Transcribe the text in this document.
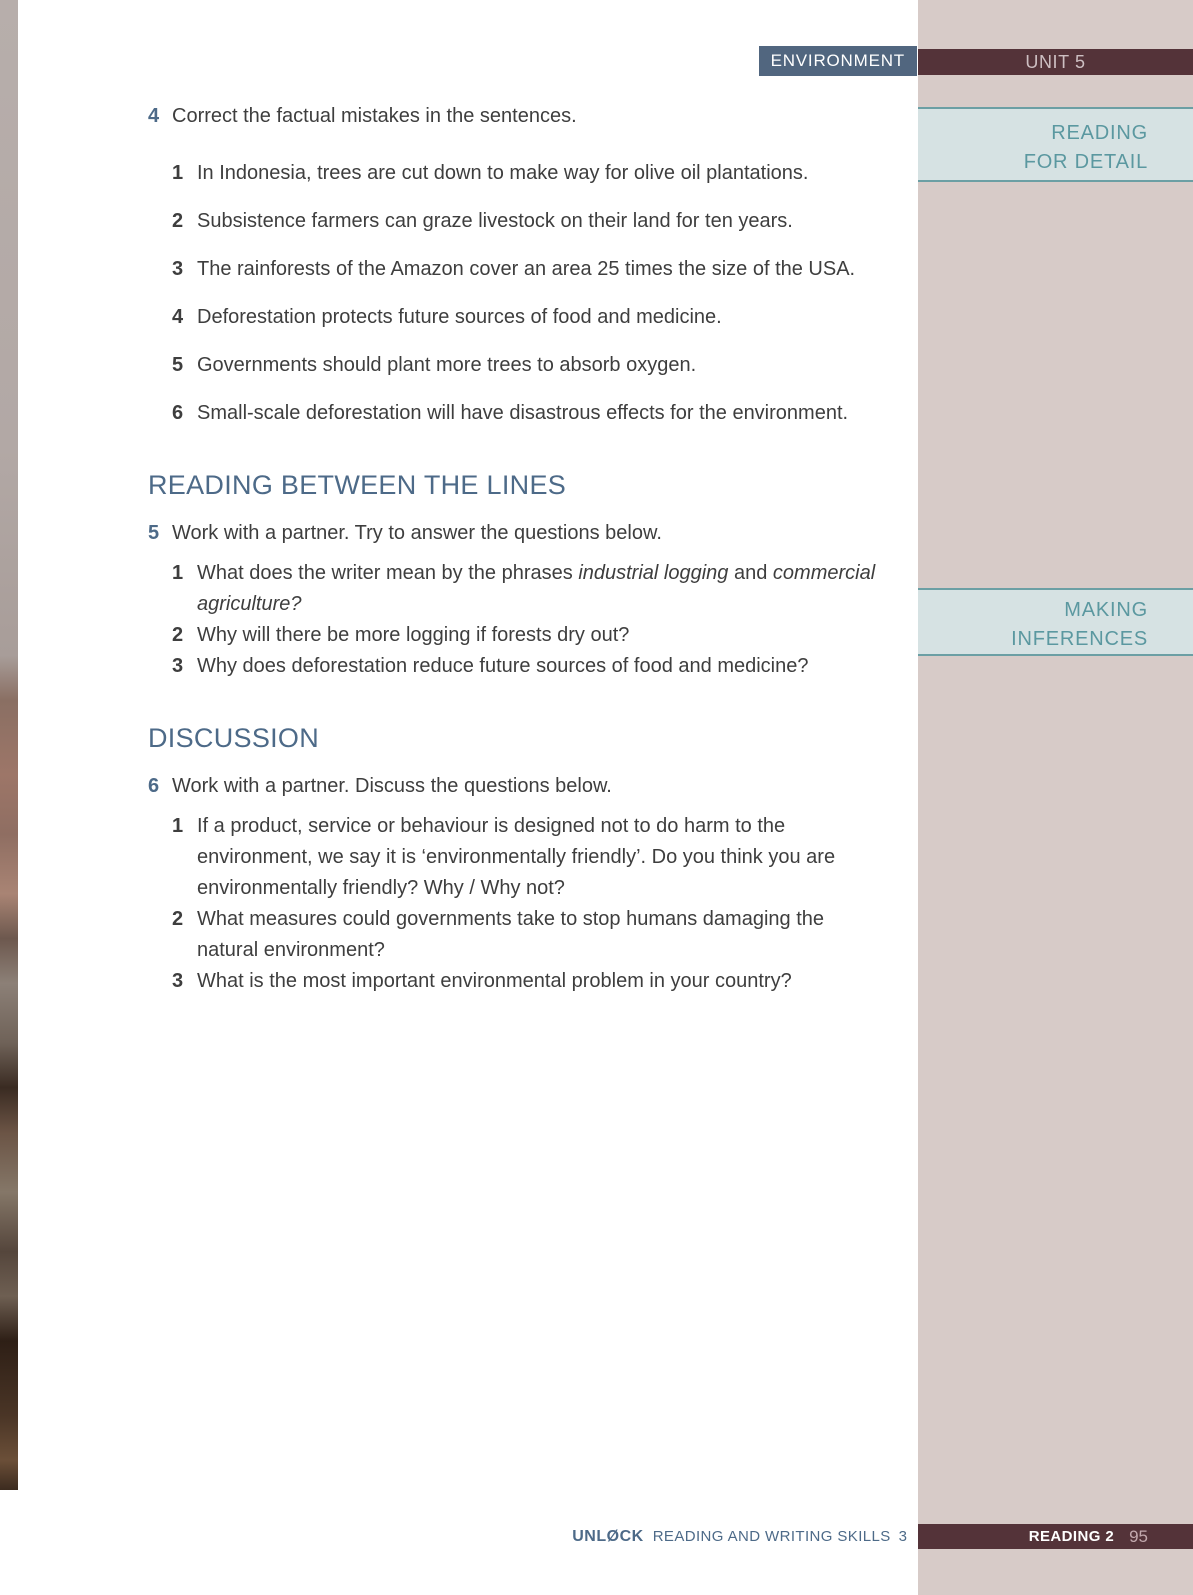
UNIT 5
READING
FOR DETAIL
MAKING
INFERENCES
READING 2 95
ENVIRONMENT
4 Correct the factual mistakes in the sentences.
1 In Indonesia, trees are cut down to make way for olive oil plantations.
2 Subsistence farmers can graze livestock on their land for ten years.
3 The rainforests of the Amazon cover an area 25 times the size of the USA.
4 Deforestation protects future sources of food and medicine.
5 Governments should plant more trees to absorb oxygen.
6 Small-scale deforestation will have disastrous effects for the environment.
READING BETWEEN THE LINES
5 Work with a partner. Try to answer the questions below.
1 What does the writer mean by the phrases industrial logging and commercial agriculture?
2 Why will there be more logging if forests dry out?
3 Why does deforestation reduce future sources of food and medicine?
DISCUSSION
6 Work with a partner. Discuss the questions below.
1 If a product, service or behaviour is designed not to do harm to the environment, we say it is ‘environmentally friendly’. Do you think you are environmentally friendly? Why / Why not?
2 What measures could governments take to stop humans damaging the natural environment?
3 What is the most important environmental problem in your country?
UNLØCK READING AND WRITING SKILLS 3
